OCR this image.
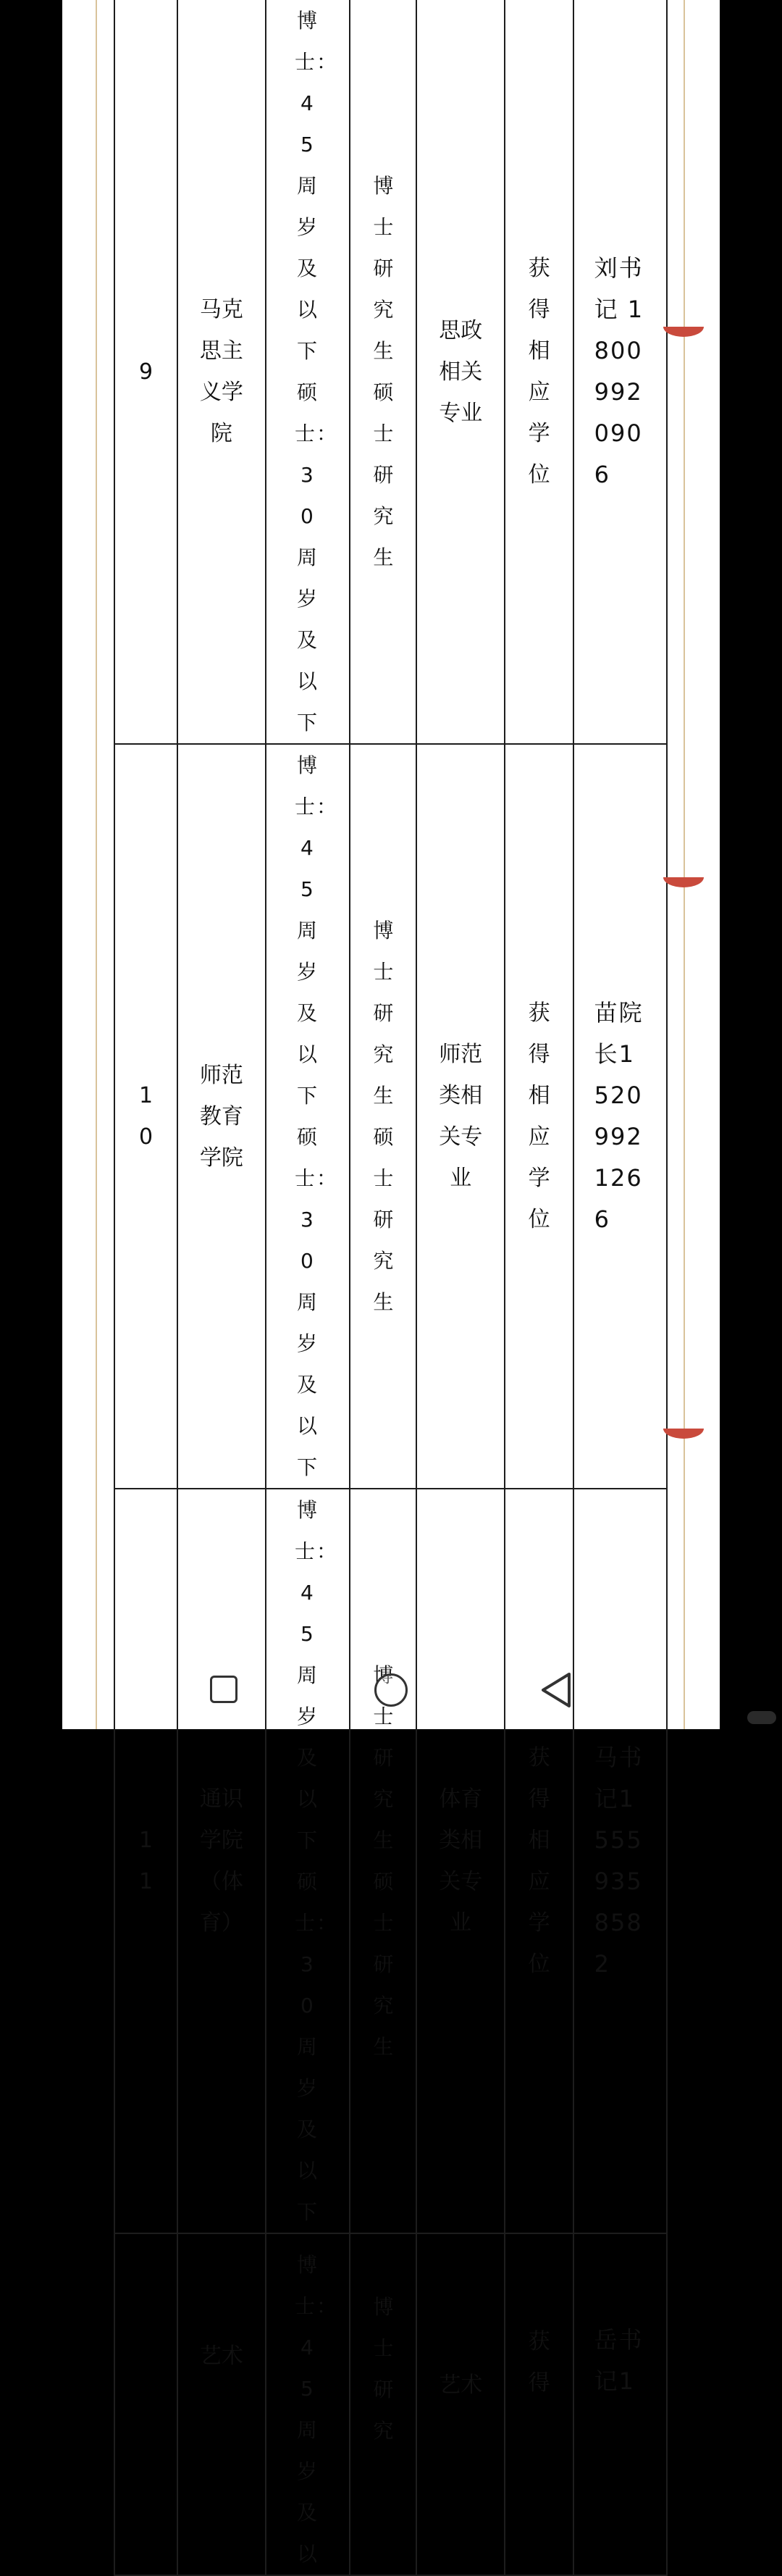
9	马克思主义学院	博士：45周岁及以下硕士：30周岁及以下	博士研究生硕士研究生	思政相关专业	获得相应学位	刘书记 18009920906
10	师范教育学院	博士：45周岁及以下硕士：30周岁及以下	博士研究生硕士研究生	师范类相关专业	获得相应学位	苗院长15209921266
11	通识学院（体育）	博士：45周岁及以下硕士：30周岁及以下	博士研究生硕士研究生	体育类相关专业	获得相应学位	马书记15559358582
	艺术	博士：45周岁及以	博士研究	艺术	获得	岳书记1
